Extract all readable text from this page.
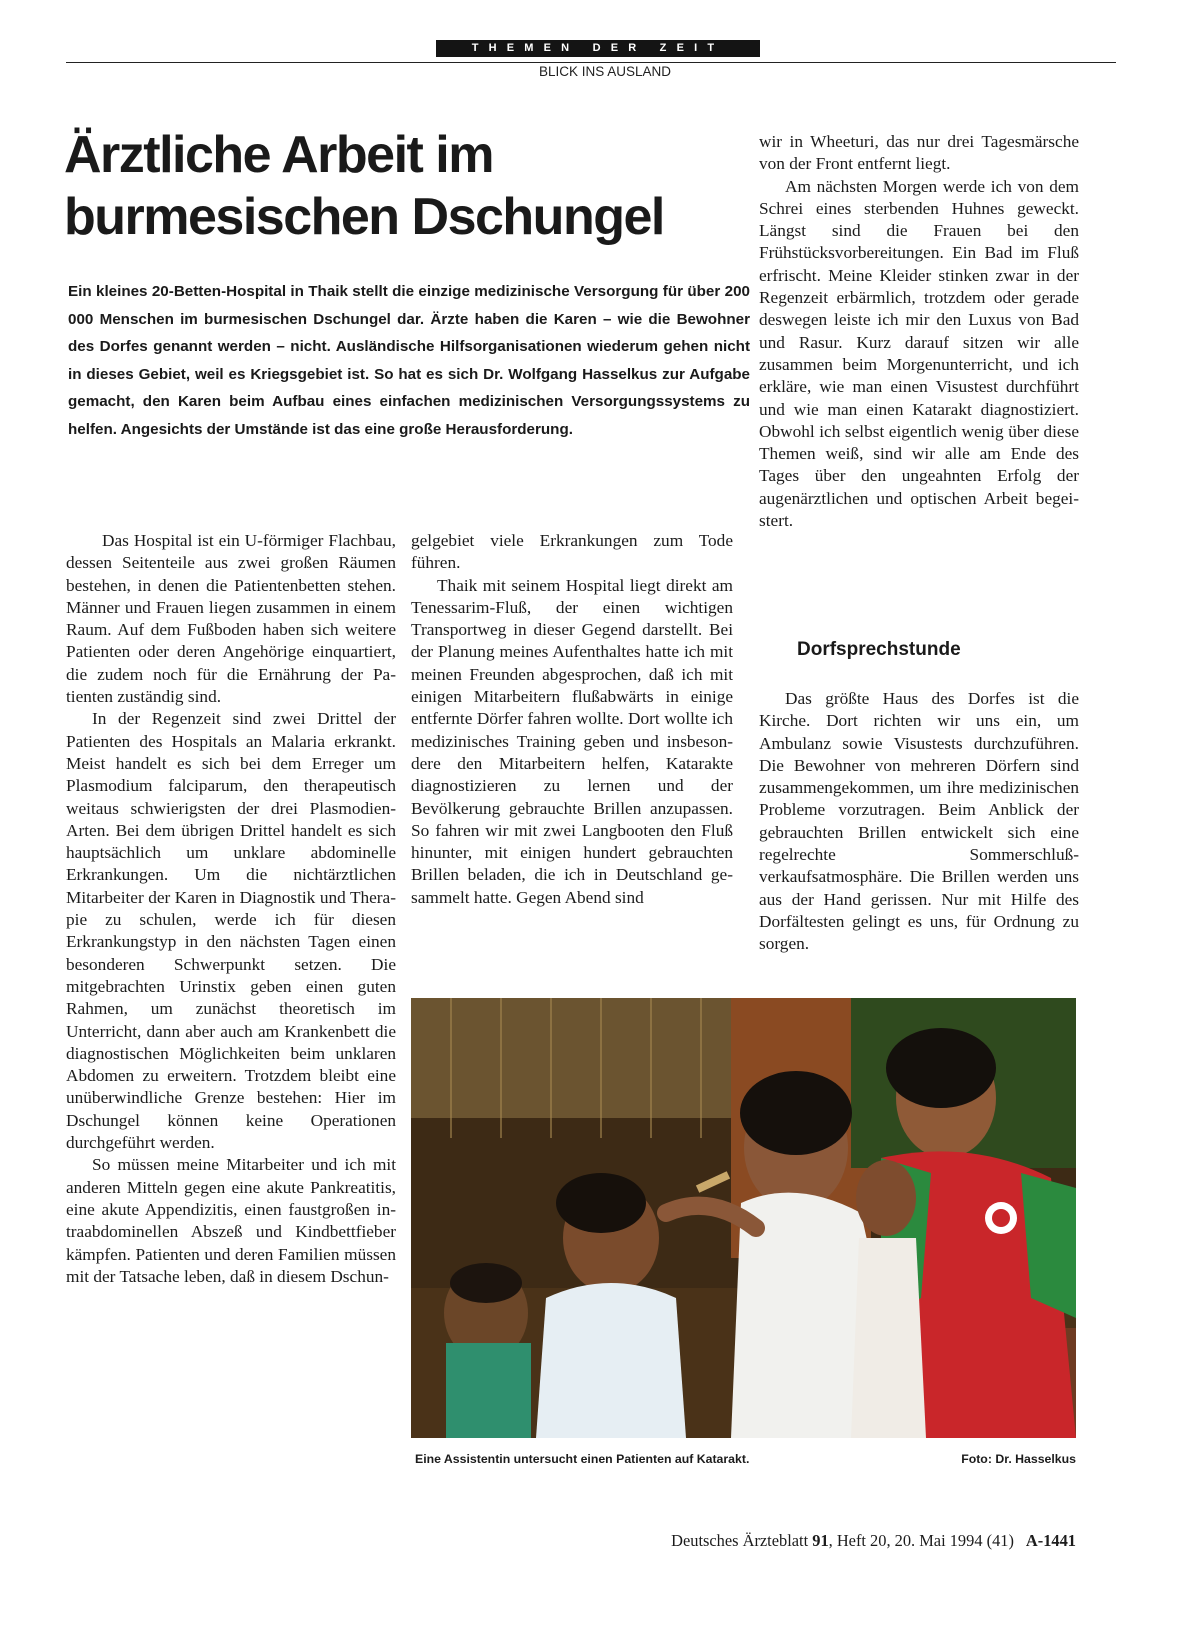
THEMEN DER ZEIT
BLICK INS AUSLAND
Ärztliche Arbeit im
burmesischen Dschungel
Ein kleines 20-Betten-Hospital in Thaik stellt die einzige medizinische Versorgung für über 200 000 Menschen im burmesischen Dschungel dar. Ärzte haben die Karen – wie die Bewohner des Dorfes genannt werden – nicht. Ausländische Hilfsorganisationen wiederum gehen nicht in dieses Gebiet, weil es Kriegsgebiet ist. So hat es sich Dr. Wolfgang Hasselkus zur Aufgabe gemacht, den Karen beim Aufbau eines einfachen medizinischen Versorgungssystems zu helfen. Angesichts der Umstände ist das eine große Herausforderung.

Das Hospital ist ein U-förmiger Flachbau, dessen Seitenteile aus zwei großen Räumen bestehen, in denen die Patientenbetten stehen. Männer und Frauen liegen zusammen in einem Raum. Auf dem Fußboden haben sich weitere Patienten oder deren Angehörige einquartiert, die zudem noch für die Ernährung der Patienten zuständig sind.

In der Regenzeit sind zwei Drittel der Patienten des Hospitals an Malaria erkrankt. Meist handelt es sich bei dem Erreger um Plasmodium falciparum, den therapeutisch weitaus schwierigsten der drei Plasmodien-Arten. Bei dem übrigen Drittel handelt es sich hauptsächlich um unklare abdominelle Erkrankungen. Um die nichtärztlichen Mitarbeiter der Karen in Diagnostik und Therapie zu schulen, werde ich für diesen Erkrankungstyp in den nächsten Tagen einen besonderen Schwerpunkt setzen. Die mitgebrachten Urinstix geben einen guten Rahmen, um zunächst theoretisch im Unterricht, dann aber auch am Krankenbett die diagnostischen Möglichkeiten beim unklaren Abdomen zu erweitern. Trotzdem bleibt eine unüberwindliche Grenze bestehen: Hier im Dschungel können keine Operationen durchgeführt werden.

So müssen meine Mitarbeiter und ich mit anderen Mitteln gegen eine akute Pankreatitis, eine akute Appendizitis, einen faustgroßen intraabdominellen Abszeß und Kindbettfieber kämpfen. Patienten und deren Familien müssen mit der Tatsache leben, daß in diesem Dschun-

gelgebiet viele Erkrankungen zum Tode führen.

Thaik mit seinem Hospital liegt direkt am Tenessarim-Fluß, der einen wichtigen Transportweg in dieser Gegend darstellt. Bei der Planung meines Aufenthaltes hatte ich mit meinen Freunden abgesprochen, daß ich mit einigen Mitarbeitern flußabwärts in einige entfernte Dörfer fahren wollte. Dort wollte ich medizinisches Training geben und insbesondere den Mitarbeitern helfen, Katarakte diagnostizieren zu lernen und der Bevölkerung gebrauchte Brillen anzupassen. So fahren wir mit zwei Langbooten den Fluß hinunter, mit einigen hundert gebrauchten Brillen beladen, die ich in Deutschland gesammelt hatte. Gegen Abend sind

wir in Wheeturi, das nur drei Tagesmärsche von der Front entfernt liegt.

Am nächsten Morgen werde ich von dem Schrei eines sterbenden Huhnes geweckt. Längst sind die Frauen bei den Frühstücksvorbereitungen. Ein Bad im Fluß erfrischt. Meine Kleider stinken zwar in der Regenzeit erbärmlich, trotzdem oder gerade deswegen leiste ich mir den Luxus von Bad und Rasur. Kurz darauf sitzen wir alle zusammen beim Morgenunterricht, und ich erkläre, wie man einen Visustest durchführt und wie man einen Katarakt diagnostiziert. Obwohl ich selbst eigentlich wenig über diese Themen weiß, sind wir alle am Ende des Tages über den ungeahnten Erfolg der augenärztlichen und optischen Arbeit begeistert.

Dorfsprechstunde

Das größte Haus des Dorfes ist die Kirche. Dort richten wir uns ein, um Ambulanz sowie Visustests durchzuführen. Die Bewohner von mehreren Dörfern sind zusammengekommen, um ihre medizinischen Probleme vorzutragen. Beim Anblick der gebrauchten Brillen entwickelt sich eine regelrechte Sommerschlußverkaufsatmosphäre. Die Brillen werden uns aus der Hand gerissen. Nur mit Hilfe des Dorfältesten gelingt es uns, für Ordnung zu sorgen.

Eine Assistentin untersucht einen Patienten auf Katarakt.	Foto: Dr. Hasselkus
Deutsches Ärzteblatt 91, Heft 20, 20. Mai 1994 (41) A-1441
